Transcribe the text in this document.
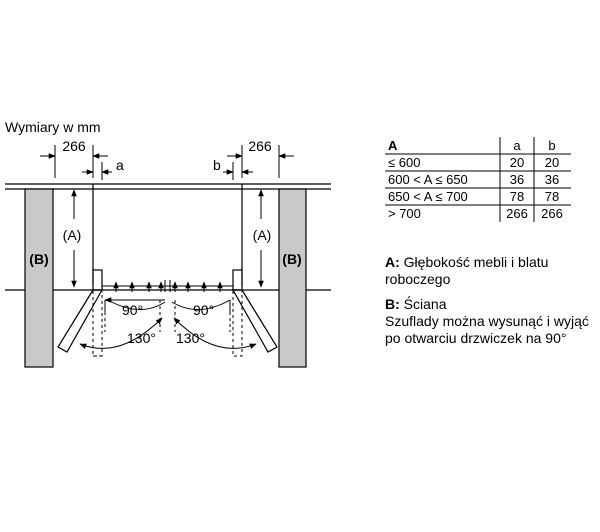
Wymiary w mm
(B)	(B)
266
a	b
266
(A)	(A)
90°
130°
90°
130°
A	a b
≤ 600	20 20
600 < A ≤ 650	36 36
650 < A ≤ 700	78 78
> 700	266 266
A: Głębokość mebli i blatu
roboczego
B: Ściana
Szuflady można wysunąć i wyjąć
po otwarciu drzwiczek na 90°
